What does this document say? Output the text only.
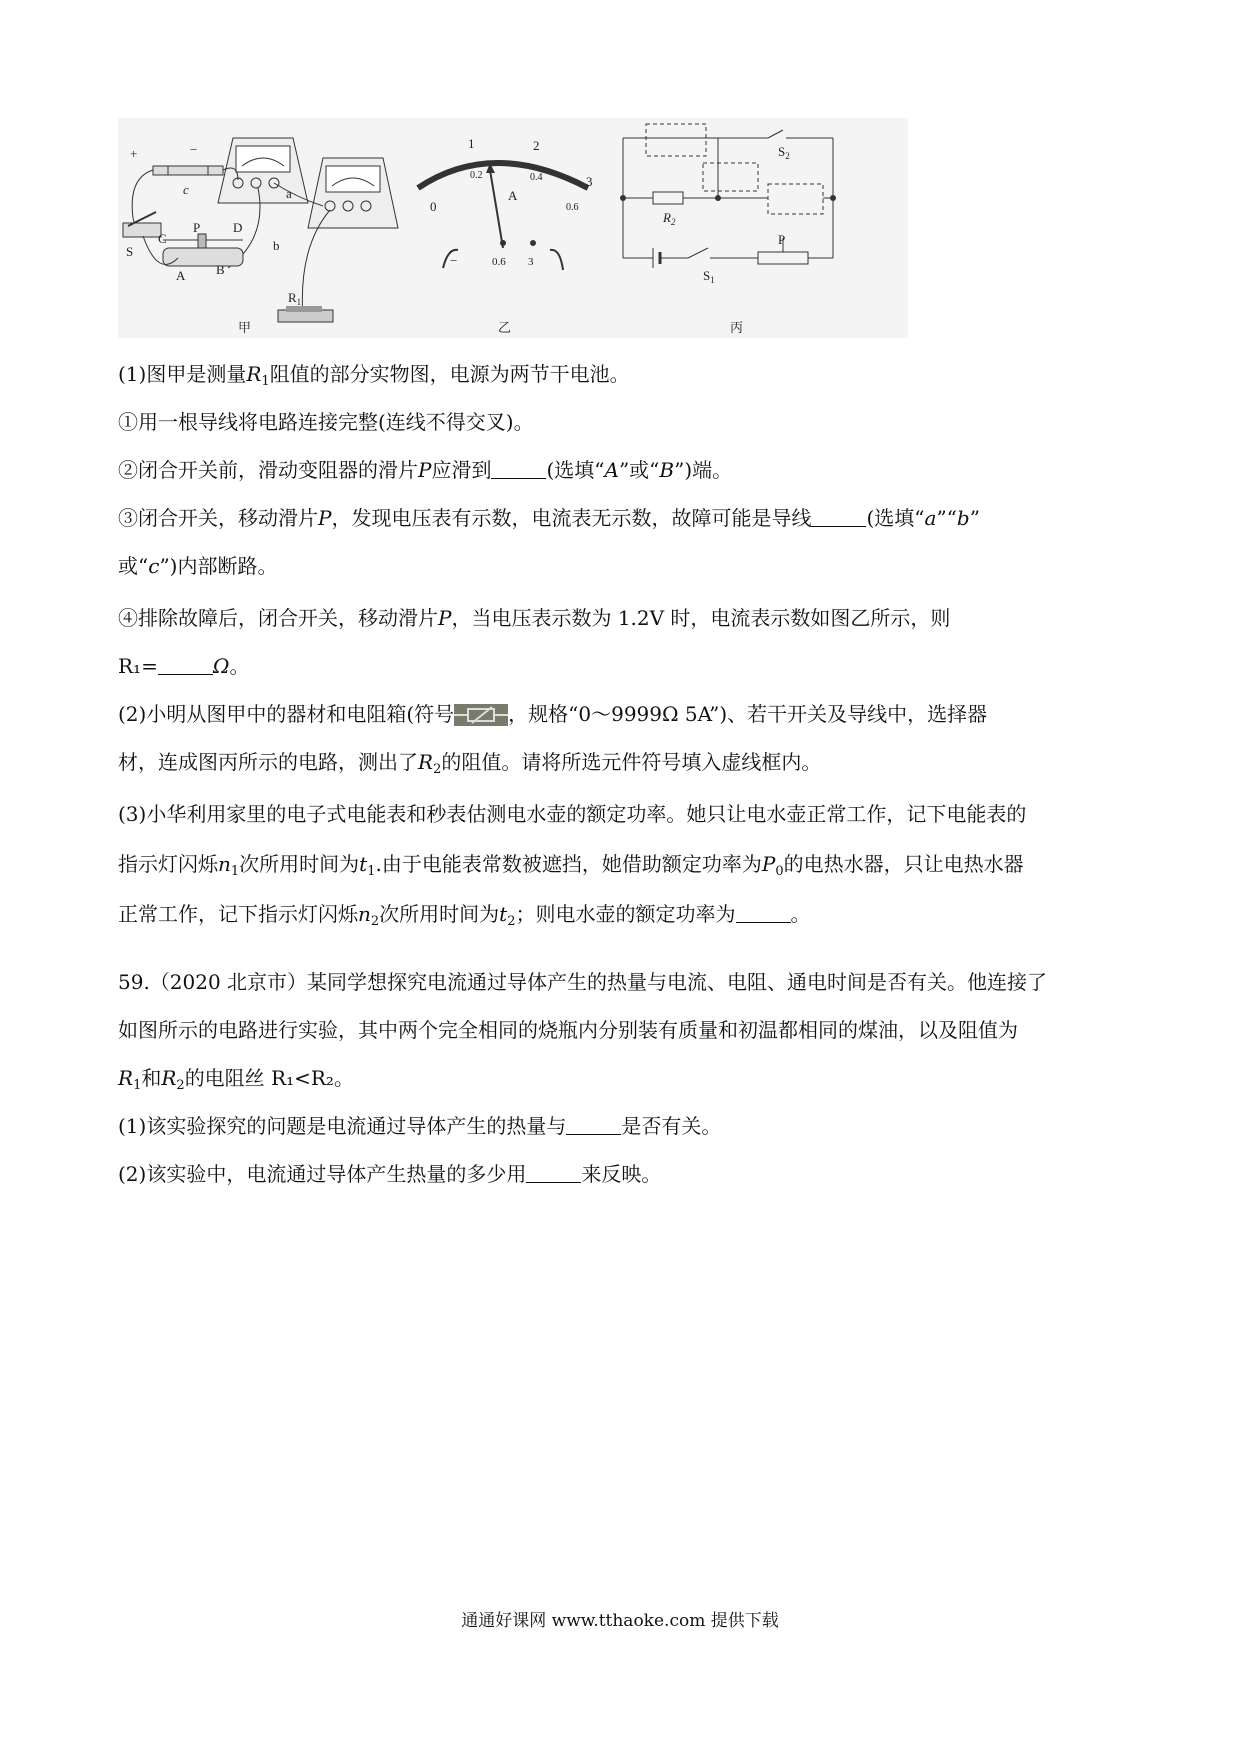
+	−
c	a
b
S
C
P	D
A B
$R_1$
甲
0
1	2
3
0.2	0.4
0.6
A
−	0.6 3
乙
$S_2$
$R_2$
$S_1$
P
丙
(1)图甲是测量$R_1$阻值的部分实物图，电源为两节干电池。
①用一根导线将电路连接完整(连线不得交叉)。
②闭合开关前，滑动变阻器的滑片P应滑到	(选填“A”或“B”)端。
③闭合开关，移动滑片P，发现电压表有示数，电流表无示数，故障可能是导线	(选填“a”“b”
或“c”)内部断路。
④排除故障后，闭合开关，移动滑片P，当电压表示数为 1.2V 时，电流表示数如图乙所示，则
R₁=	Ω。
(2)小明从图甲中的器材和电阻箱(符号	，规格“0～9999Ω 5A”)、若干开关及导线中，选择器
材，连成图丙所示的电路，测出了$R_2$的阻值。请将所选元件符号填入虚线框内。
(3)小华利用家里的电子式电能表和秒表估测电水壶的额定功率。她只让电水壶正常工作，记下电能表的
指示灯闪烁$n_1$次所用时间为$t_1$.由于电能表常数被遮挡，她借助额定功率为$P_0$的电热水器，只让电热水器
正常工作，记下指示灯闪烁$n_2$次所用时间为$t_2$；则电水壶的额定功率为	。
59.（2020 北京市）某同学想探究电流通过导体产生的热量与电流、电阻、通电时间是否有关。他连接了
如图所示的电路进行实验，其中两个完全相同的烧瓶内分别装有质量和初温都相同的煤油，以及阻值为
$R_1$和$R_2$的电阻丝 R₁<R₂。
(1)该实验探究的问题是电流通过导体产生的热量与	是否有关。
(2)该实验中，电流通过导体产生热量的多少用	来反映。
通通好课网 www.tthaoke.com 提供下载
